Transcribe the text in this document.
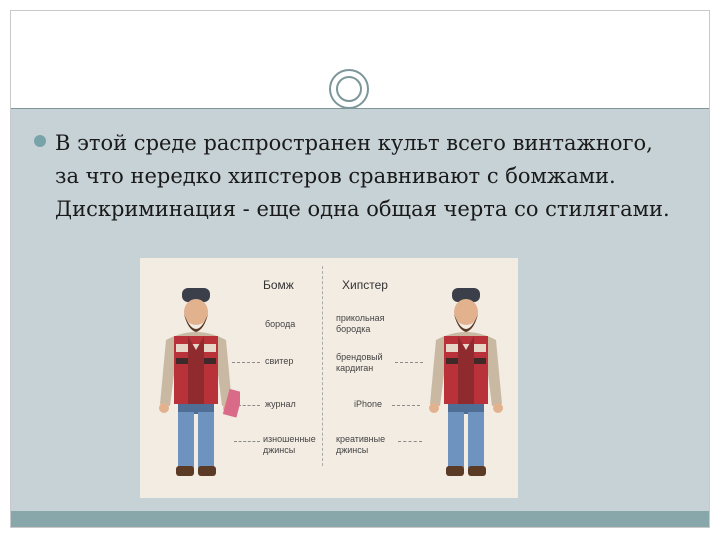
В этой среде распространен культ всего винтажного, за что нередко хипстеров сравнивают с бомжами. Дискриминация - еще одна общая черта со стилягами.
Бомж	Хипстер
борода
свитер
журнал
изношенные джинсы
прикольная бородка
брендовый кардиган
iPhone
креативные джинсы
